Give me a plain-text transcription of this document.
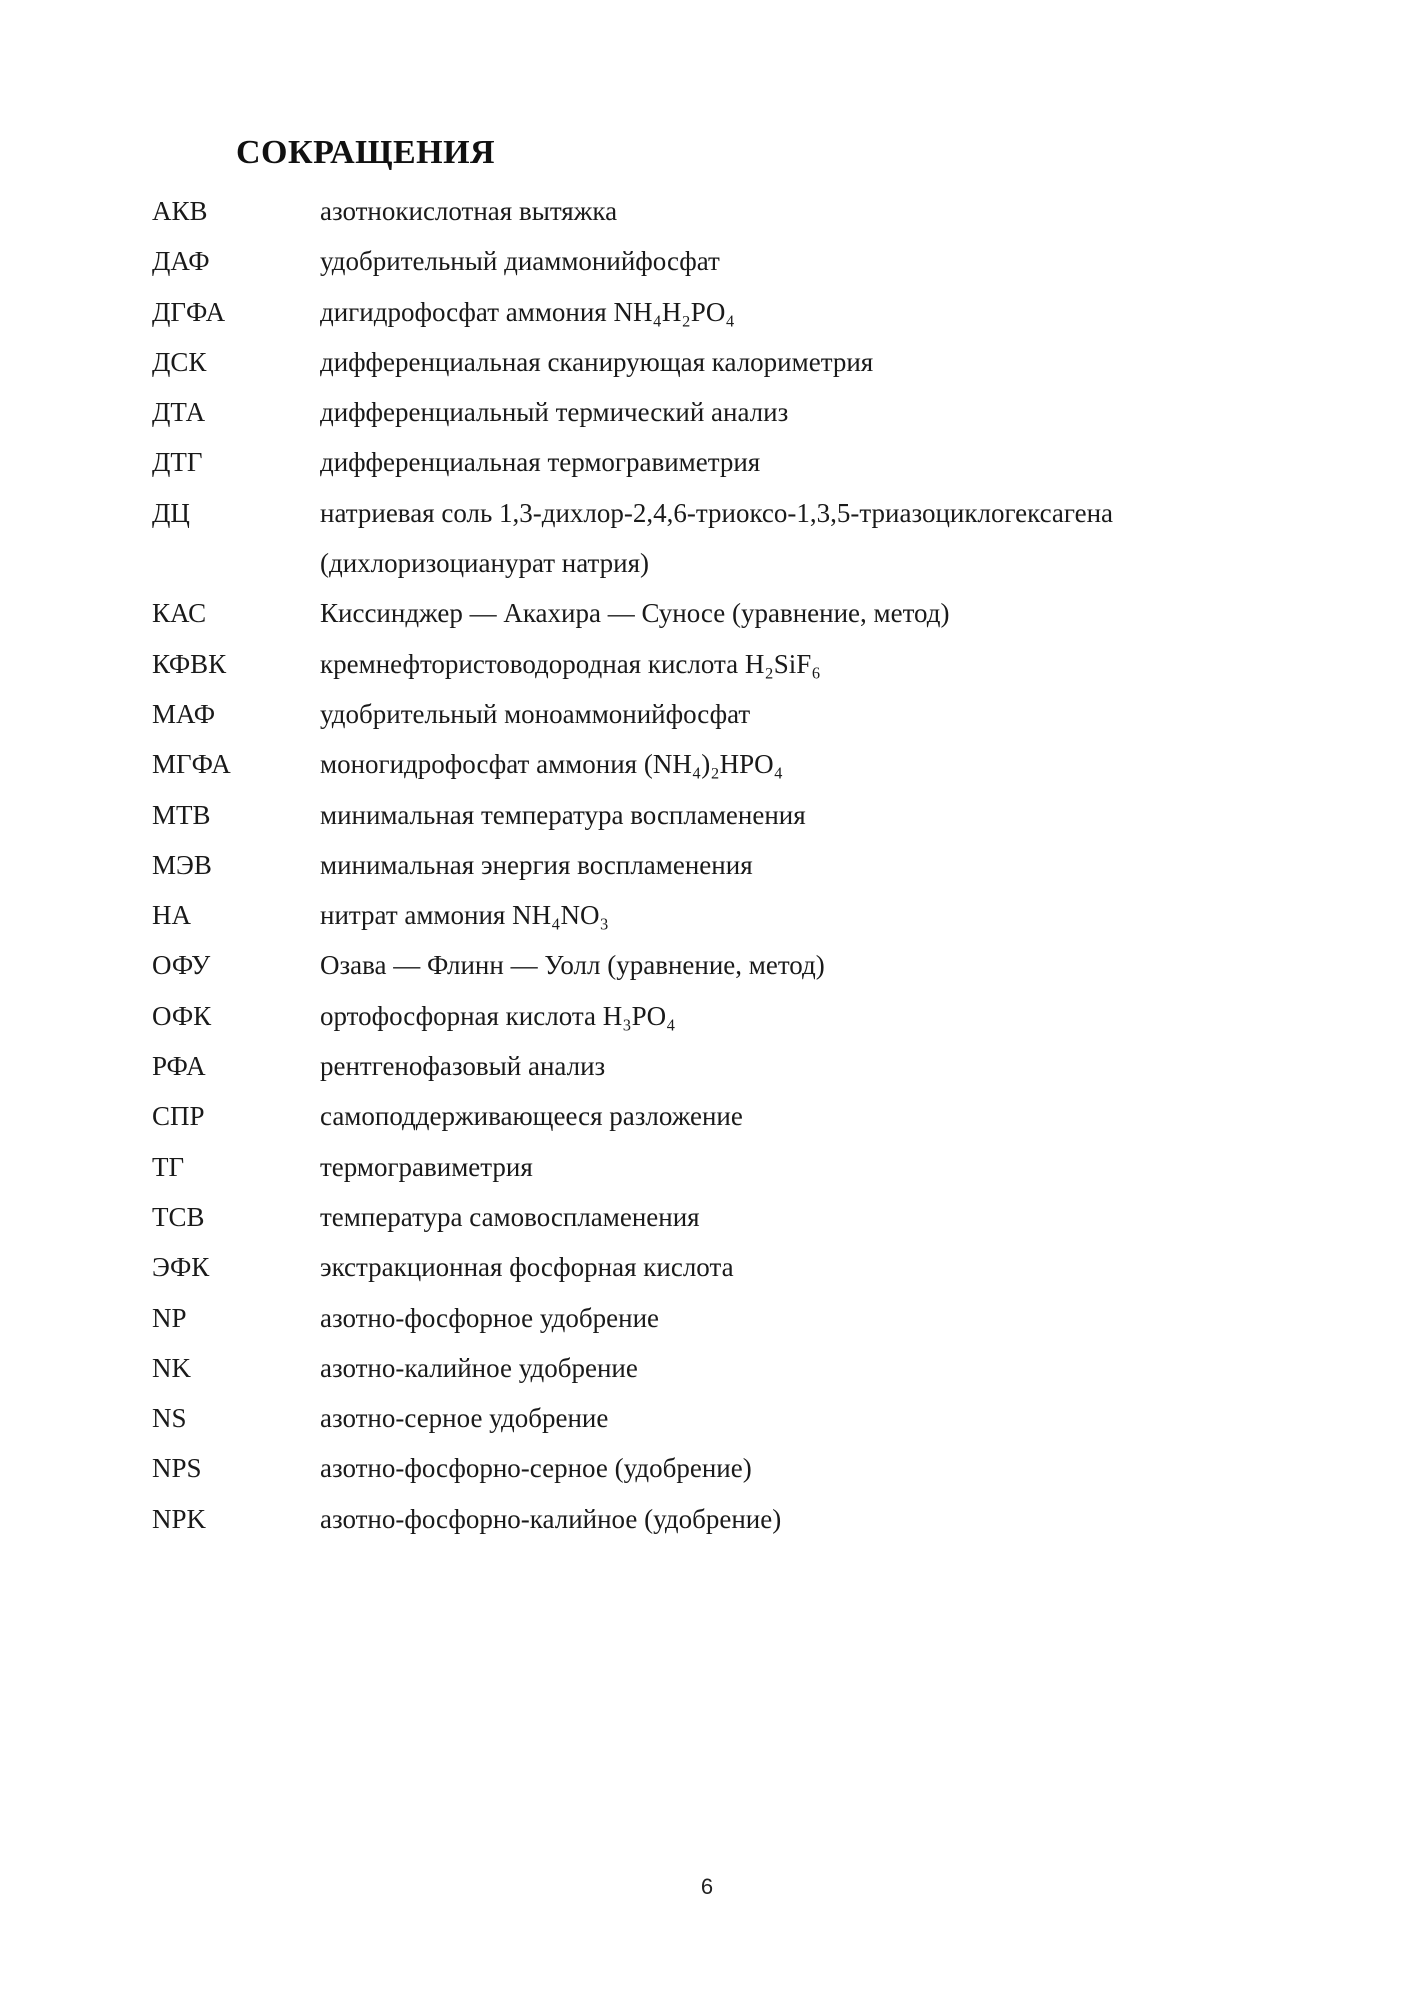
СОКРАЩЕНИЯ
АКВ	азотнокислотная вытяжка
ДАФ	удобрительный диаммонийфосфат
ДГФА	дигидрофосфат аммония NH₄H₂PO₄
ДСК	дифференциальная сканирующая калориметрия
ДТА	дифференциальный термический анализ
ДТГ	дифференциальная термогравиметрия
ДЦ	натриевая соль 1,3-дихлор-2,4,6-триоксо-1,3,5-триазоциклогексагена (дихлоризоцианурат натрия)
КАС	Киссинджер — Акахира — Суносе (уравнение, метод)
КФВК	кремнефтористоводородная кислота H₂SiF₆
МАФ	удобрительный моноаммонийфосфат
МГФА	моногидрофосфат аммония (NH₄)₂HPO₄
МТВ	минимальная температура воспламенения
МЭВ	минимальная энергия воспламенения
НА	нитрат аммония NH₄NO₃
ОФУ	Озава — Флинн — Уолл (уравнение, метод)
ОФК	ортофосфорная кислота H₃PO₄
РФА	рентгенофазовый анализ
СПР	самоподдерживающееся разложение
ТГ	термогравиметрия
ТСВ	температура самовоспламенения
ЭФК	экстракционная фосфорная кислота
NP	азотно-фосфорное удобрение
NK	азотно-калийное удобрение
NS	азотно-серное удобрение
NPS	азотно-фосфорно-серное (удобрение)
NPK	азотно-фосфорно-калийное (удобрение)
6
